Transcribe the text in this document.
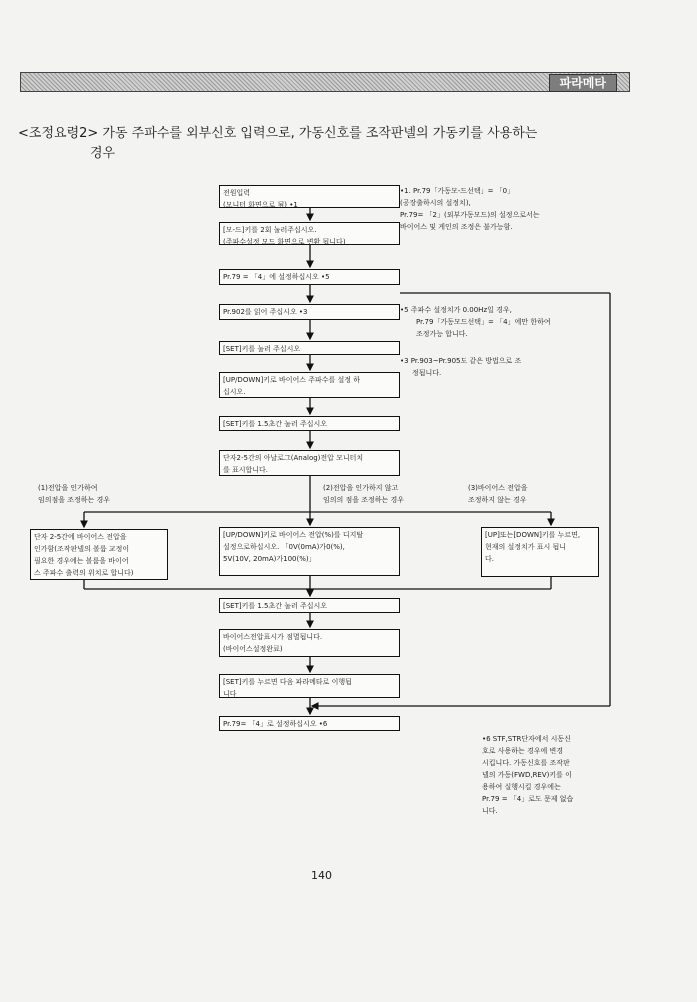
파라메타
<조정요령2> 가동 주파수를 외부신호 입력으로, 가동신호를 조작판넬의 가동키를 사용하는
경우
전원입력
(모니터 화면으로 됨) •1
[모-드]키를 2회 눌러주십시오.
(주파수설정 모드 화면으로 변환 됩니다)
Pr.79 = 「4」에 설정하십시오 •5
Pr.902를 읽어 주십시오 •3
[SET]키를 눌러 주십시오
[UP/DOWN]키로 바이어스 주파수를 설정 하
십시오.
[SET]키를 1.5초간 눌러 주십시오
단자2-5간의 아날로그(Analog)전압 모니터치
를 표시합니다.
(1)전압을 인가하여
임의점을 조정하는 경우
(2)전압을 인가하지 않고
임의의 점을 조정하는 경우
(3)바이어스 전압을
조정하지 않는 경우
단자 2-5간에 바이어스 전압을
인가함(조작판넬의 볼륨 교정이
필요한 경우에는 볼륨을 바이어
스 주파수 출력의 위치로 합니다)
[UP/DOWN]키로 바이어스 전압(%)를 디지탈
설정으로하십시오. 「0V(0mA)가0(%),
5V(10V, 20mA)가100(%)」
[UP]또는[DOWN]키를 누르면,
현재의 설정치가 표시 됩니
다.
[SET]키를 1.5초간 눌러 주십시오
바이어스전압표시가 점멸됩니다.
(바이어스설정완료)
[SET]키를 누르면 다음 파라메타로 이행됩
니다
Pr.79= 「4」로 설정하십시오 •6
•1. Pr.79「가동모-드선택」= 「0」
(공장출하시의 설정치),
Pr.79= 「2」(외부가동모드)의 설정으로서는
바이어스 및 게인의 조정은 불가능함.
•5 주파수 설정치가 0.00Hz일 경우,
Pr.79「가동모드선택」= 「4」에만 한하여
조정가능 합니다.
•3 Pr.903~Pr.905도 같은 방법으로 조
정됩니다.
•6 STF,STR단자에서 시동신
호로 사용하는 경우에 변경
시킵니다. 가동신호를 조작판
넬의 가동(FWD,REV)키를 이
용하여 실행시킬 경우에는
Pr.79 = 「4」로도 문제 없습
니다.
140
